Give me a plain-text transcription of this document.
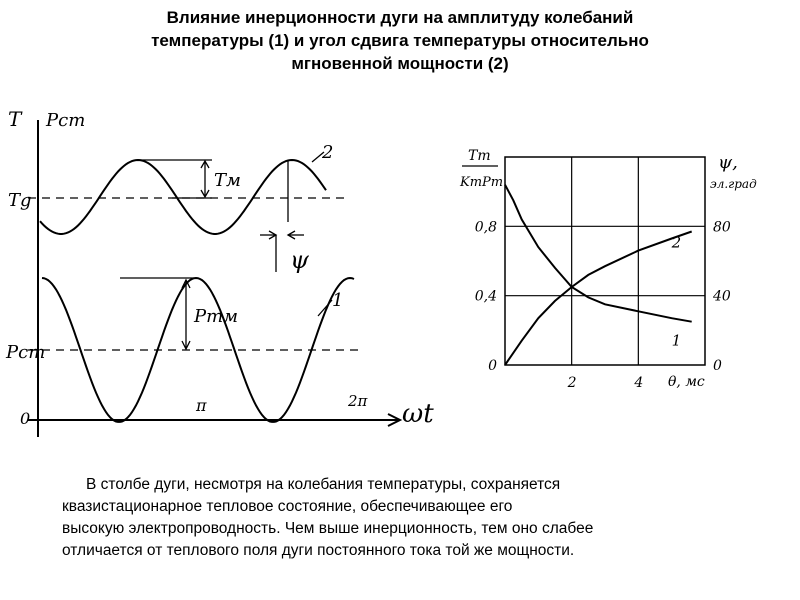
Влияние инерционности дуги на амплитуду колебаний
температуры (1) и угол сдвига температуры относительно
мгновенной мощности (2)
T Pст
Tg
Tм
Pст
Pтм
ψ
0
π	2π ωt
2
1
1
2
2	4
0
0,4
0,8
0
40
80
Tm
KтPm
ψ,
эл.град
θ, мс
В столбе дуги, несмотря на колебания температуры, сохраняется
квазистационарное тепловое состояние, обеспечивающее его
высокую электропроводность. Чем выше инерционность, тем оно слабее
отличается от теплового поля дуги постоянного тока той же мощности.
